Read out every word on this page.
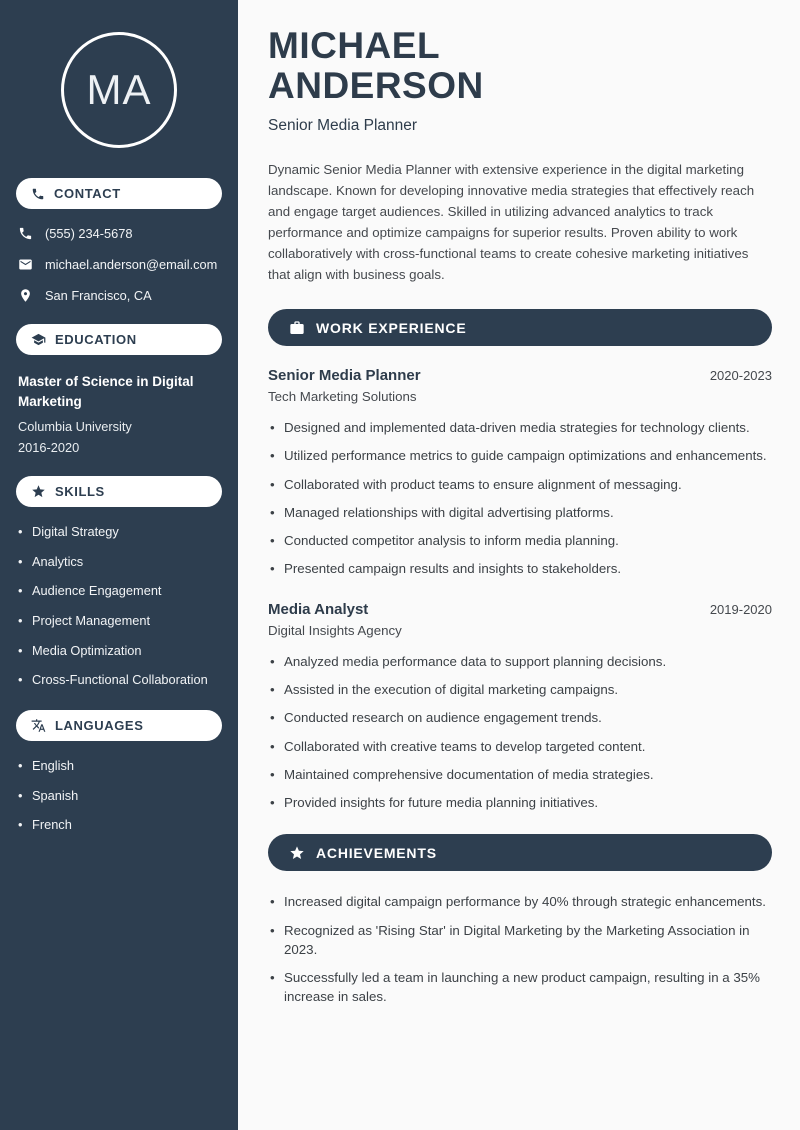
MA
CONTACT
(555) 234-5678
michael.anderson@email.com
San Francisco, CA
EDUCATION
Master of Science in Digital Marketing
Columbia University
2016-2020
SKILLS
• Digital Strategy
• Analytics
• Audience Engagement
• Project Management
• Media Optimization
• Cross-Functional Collaboration
LANGUAGES
• English
• Spanish
• French
MICHAEL
ANDERSON
Senior Media Planner

Dynamic Senior Media Planner with extensive experience in the digital marketing landscape. Known for developing innovative media strategies that effectively reach and engage target audiences. Skilled in utilizing advanced analytics to track performance and optimize campaigns for superior results. Proven ability to work collaboratively with cross-functional teams to create cohesive marketing initiatives that align with business goals.

WORK EXPERIENCE
Senior Media Planner	2020-2023
Tech Marketing Solutions
• Designed and implemented data-driven media strategies for technology clients.
• Utilized performance metrics to guide campaign optimizations and enhancements.
• Collaborated with product teams to ensure alignment of messaging.
• Managed relationships with digital advertising platforms.
• Conducted competitor analysis to inform media planning.
• Presented campaign results and insights to stakeholders.
Media Analyst	2019-2020
Digital Insights Agency
• Analyzed media performance data to support planning decisions.
• Assisted in the execution of digital marketing campaigns.
• Conducted research on audience engagement trends.
• Collaborated with creative teams to develop targeted content.
• Maintained comprehensive documentation of media strategies.
• Provided insights for future media planning initiatives.
ACHIEVEMENTS
• Increased digital campaign performance by 40% through strategic enhancements.
• Recognized as 'Rising Star' in Digital Marketing by the Marketing Association in 2023.
• Successfully led a team in launching a new product campaign, resulting in a 35% increase in sales.
